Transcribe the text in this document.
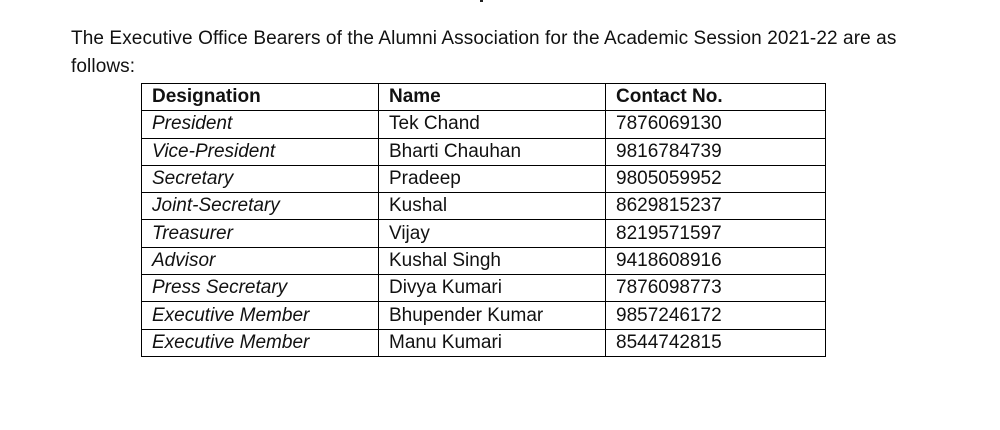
The Executive Office Bearers of the Alumni Association for the Academic Session 2021-22 are as follows:

Designation	Name	Contact No.
President	Tek Chand	7876069130
Vice-President	Bharti Chauhan	9816784739
Secretary	Pradeep	9805059952
Joint-Secretary	Kushal	8629815237
Treasurer	Vijay	8219571597
Advisor	Kushal Singh	9418608916
Press Secretary	Divya Kumari	7876098773
Executive Member	Bhupender Kumar	9857246172
Executive Member	Manu Kumari	8544742815
